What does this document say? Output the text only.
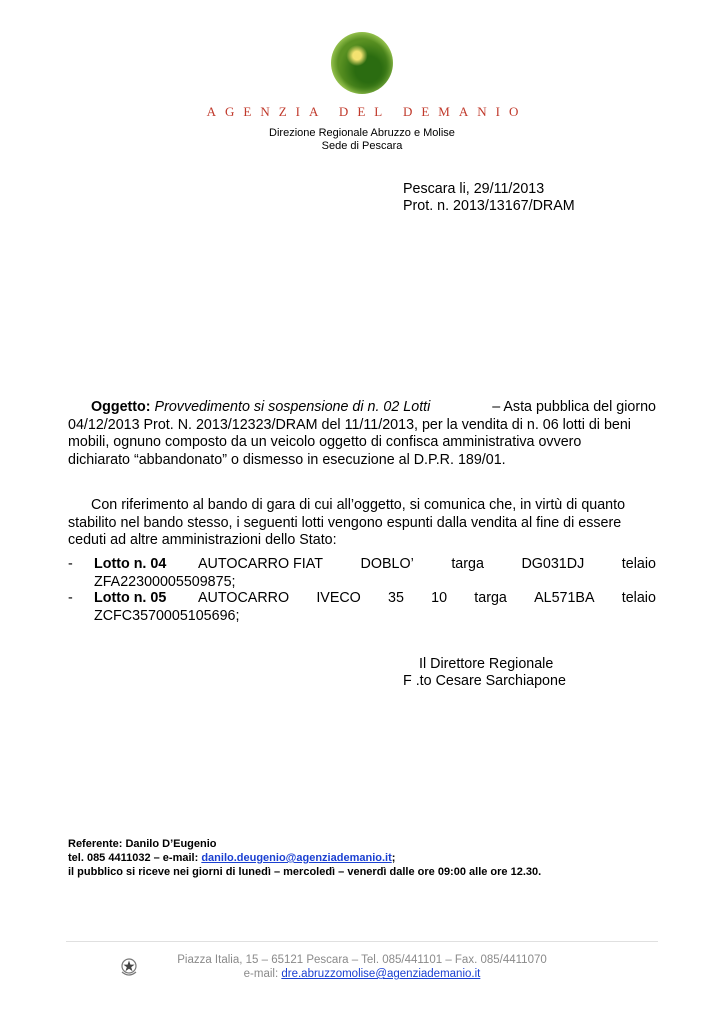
AGENZIA DEL DEMANIO
Direzione Regionale Abruzzo e Molise
Sede di Pescara
Pescara li, 29/11/2013
Prot. n. 2013/13167/DRAM
Oggetto: Provvedimento si sospensione di n. 02 Lotti	– Asta pubblica del giorno
04/12/2013 Prot. N. 2013/12323/DRAM del 11/11/2013, per la vendita di n. 06 lotti di beni
mobili, ognuno composto da un veicolo oggetto di confisca amministrativa ovvero
dichiarato “abbandonato” o dismesso in esecuzione al D.P.R. 189/01.
Con riferimento al bando di gara di cui all’oggetto, si comunica che, in virtù di quanto
stabilito nel bando stesso, i seguenti lotti vengono espunti dalla vendita al fine di essere
ceduti ad altre amministrazioni dello Stato:
-	Lotto n. 04 AUTOCARRO FIAT	DOBLO’	targa	DG031DJ	telaio
ZFA22300005509875;
-	Lotto n. 05 AUTOCARRO IVECO 35 10 targa AL571BA telaio
ZCFC3570005105696;
Il Direttore Regionale
F .to Cesare Sarchiapone
Referente: Danilo D’Eugenio
tel. 085 4411032 – e-mail: danilo.deugenio@agenziademanio.it;
il pubblico si riceve nei giorni di lunedì – mercoledì – venerdì dalle ore 09:00 alle ore 12.30.
Piazza Italia, 15 – 65121 Pescara – Tel. 085/441101 – Fax. 085/4411070
e-mail: dre.abruzzomolise@agenziademanio.it
